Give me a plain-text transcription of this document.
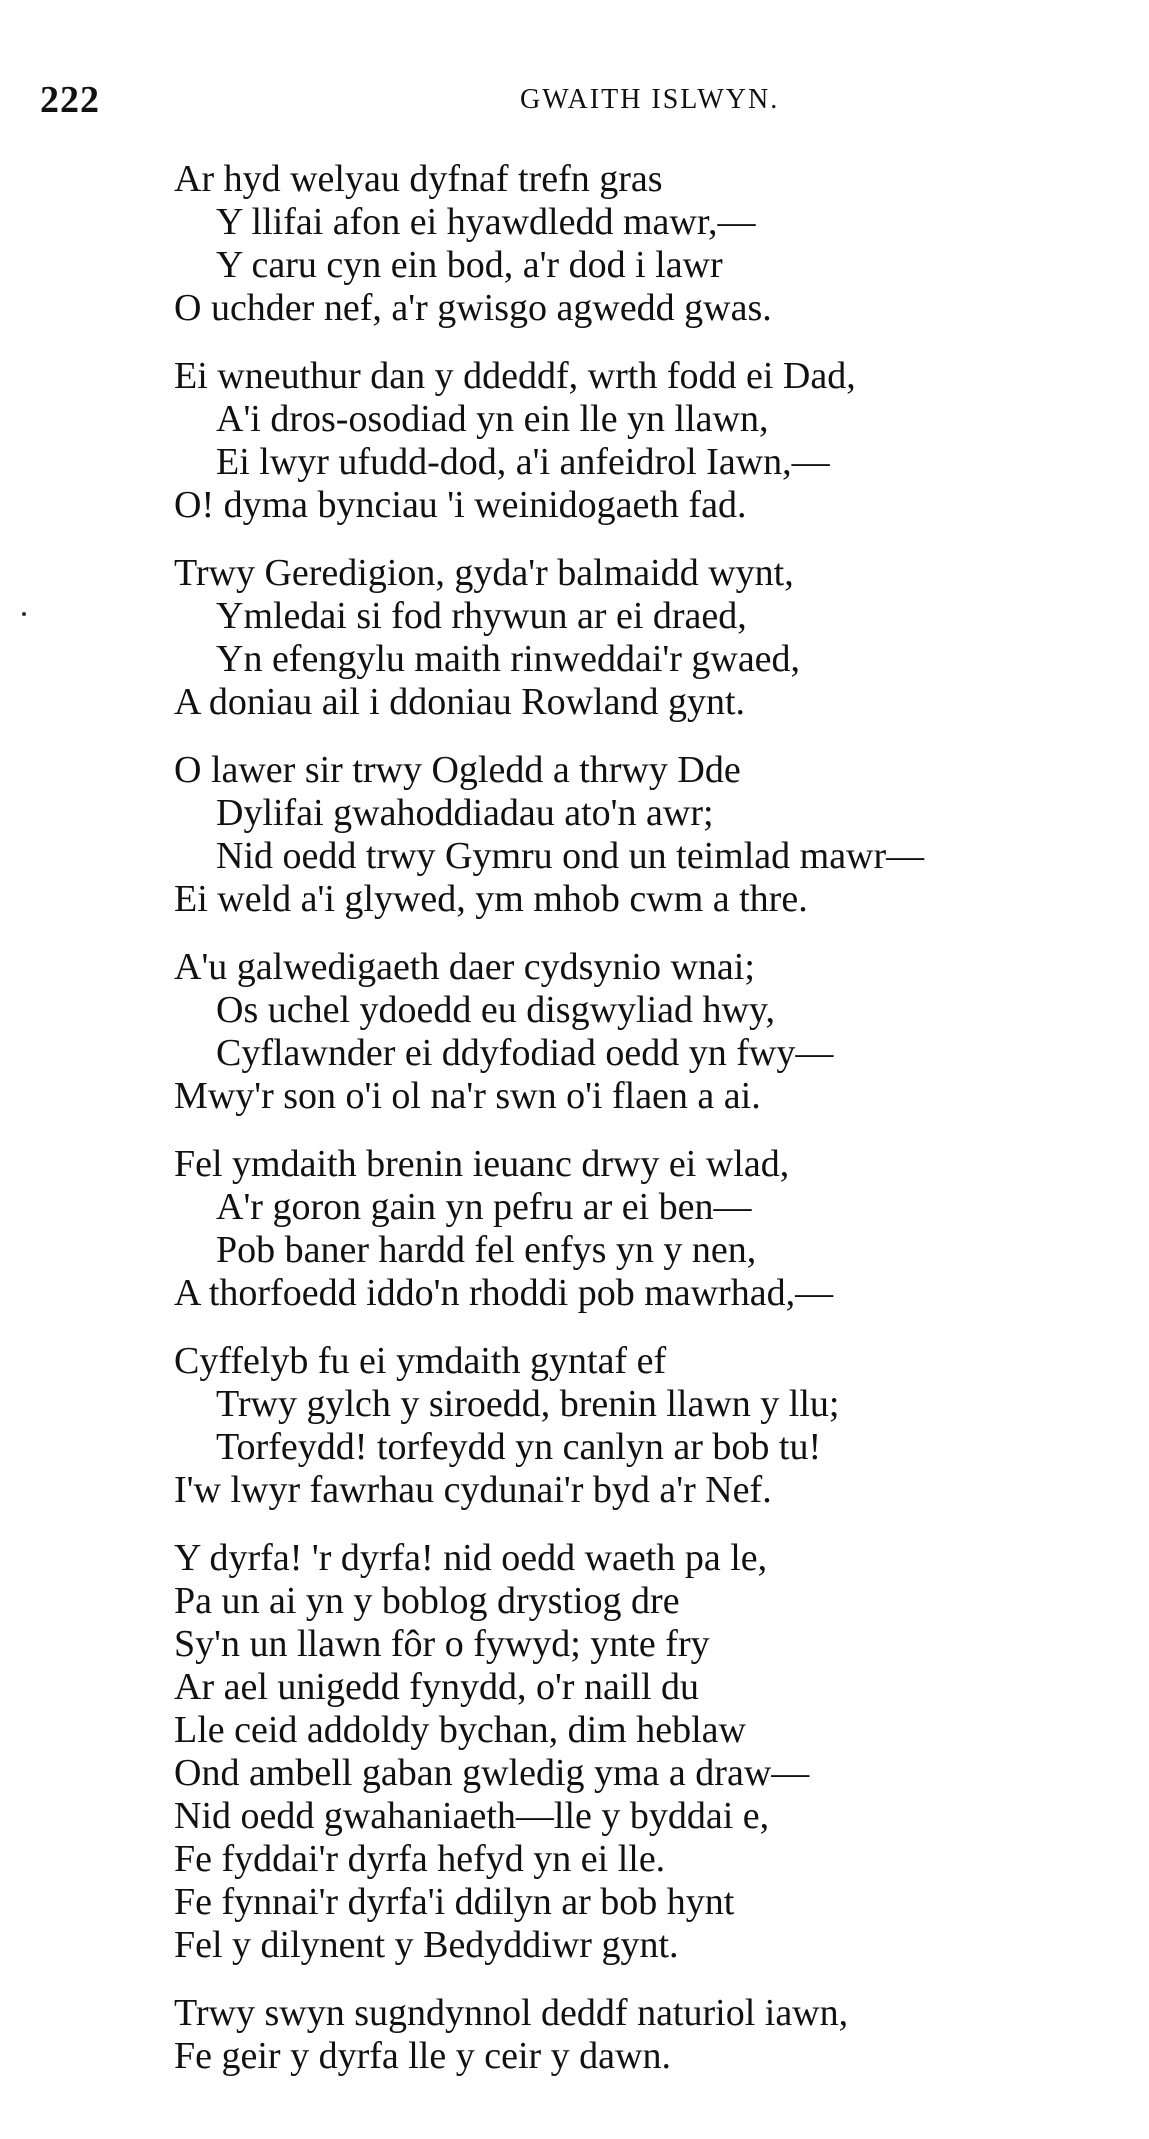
222	GWAITH ISLWYN.
Ar hyd welyau dyfnaf trefn gras
Y llifai afon ei hyawdledd mawr,—
Y caru cyn ein bod, a'r dod i lawr
O uchder nef, a'r gwisgo agwedd gwas.
Ei wneuthur dan y ddeddf, wrth fodd ei Dad,
A'i dros-osodiad yn ein lle yn llawn,
Ei lwyr ufudd-dod, a'i anfeidrol Iawn,—
O! dyma bynciau 'i weinidogaeth fad.
Trwy Geredigion, gyda'r balmaidd wynt,
Ymledai si fod rhywun ar ei draed,
Yn efengylu maith rinweddai'r gwaed,
A doniau ail i ddoniau Rowland gynt.
O lawer sir trwy Ogledd a thrwy Dde
Dylifai gwahoddiadau ato'n awr;
Nid oedd trwy Gymru ond un teimlad mawr—
Ei weld a'i glywed, ym mhob cwm a thre.
A'u galwedigaeth daer cydsynio wnai;
Os uchel ydoedd eu disgwyliad hwy,
Cyflawnder ei ddyfodiad oedd yn fwy—
Mwy'r son o'i ol na'r swn o'i flaen a ai.
Fel ymdaith brenin ieuanc drwy ei wlad,
A'r goron gain yn pefru ar ei ben—
Pob baner hardd fel enfys yn y nen,
A thorfoedd iddo'n rhoddi pob mawrhad,—
Cyffelyb fu ei ymdaith gyntaf ef
Trwy gylch y siroedd, brenin llawn y llu;
Torfeydd! torfeydd yn canlyn ar bob tu!
I'w lwyr fawrhau cydunai'r byd a'r Nef.
Y dyrfa! 'r dyrfa! nid oedd waeth pa le,
Pa un ai yn y boblog drystiog dre
Sy'n un llawn fôr o fywyd; ynte fry
Ar ael unigedd fynydd, o'r naill du
Lle ceid addoldy bychan, dim heblaw
Ond ambell gaban gwledig yma a draw—
Nid oedd gwahaniaeth—lle y byddai e,
Fe fyddai'r dyrfa hefyd yn ei lle.
Fe fynnai'r dyrfa'i ddilyn ar bob hynt
Fel y dilynent y Bedyddiwr gynt.
Trwy swyn sugndynnol deddf naturiol iawn,
Fe geir y dyrfa lle y ceir y dawn.
